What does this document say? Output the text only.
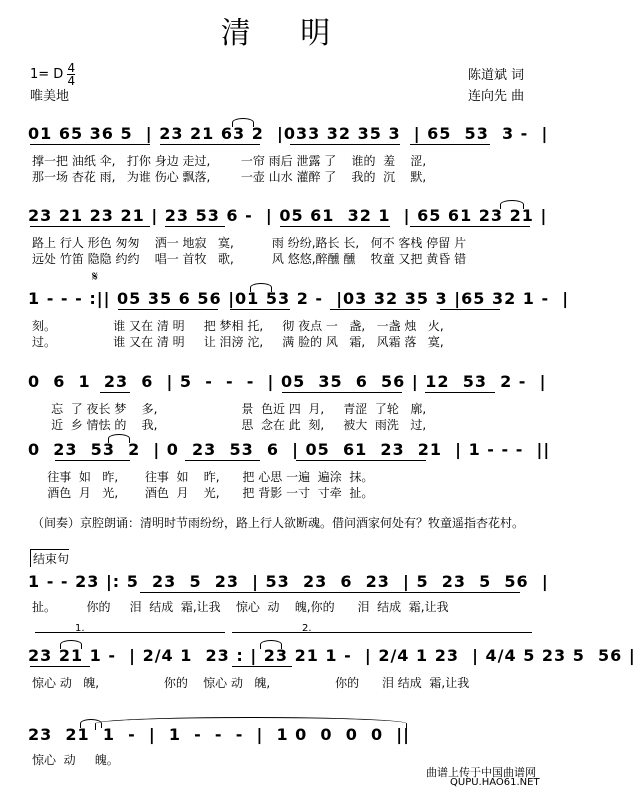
清 明
1= D $\frac{4}{4}$
唯美地
陈道斌 词
连向先 曲
01 65 36 5  | 23 21 63 2  |033 32 35 3  | 65  53  3 -  |
撑一把 油纸 伞,   打你 身边 走过,        一帘 雨后 泄露 了    谁的  羞    涩,
那一场 杏花 雨,   为谁 伤心 飘落,        一壶 山水 灌醉 了    我的  沉    默,
23 21 23 21 | 23 53 6 -  | 05 61  32 1  | 65 61 23 21 |
路上 行人 形色 匆匆    洒一 地寂   寞,          雨 纷纷,路长 长,   何不 客栈 停留 片
远处 竹笛 隐隐 约约    唱一 首牧   歌,          风 悠悠,醉醺 醺    牧童 又把 黄昏 错
𝄋
1 - - - :|| 05 35 6 56 |01 53 2 -  |03 32 35 3 |65 32 1 -  |
刻。               谁 又在 清 明     把 梦相 托,     彻 夜点 一   盏,   一盏 烛   火,
过。               谁 又在 清 明     让 泪滂 沱,     满 脸的 风   霜,   风霜 落   寞,
0  6  1  23  6  | 5  -  -  -  | 05  35  6  56 | 12  53  2 -  |
忘  了 夜长 梦    多,                      景  色近 四  月,     青涩  了轮   廓,
近  乡 情怯 的    我,                      思  念在 此  刻,     被大  雨洗   过,
0  23  53  2  | 0  23  53  6  | 05  61  23  21  | 1 - - -  ||
往事  如   昨,       往事  如    昨,      把 心思 一遍  遍涂  抹。
酒色  月   光,       酒色  月    光,      把 背影 一寸  寸牵  扯。
（间奏）京腔朗诵：清明时节雨纷纷，路上行人欲断魂。借问酒家何处有？牧童遥指杏花村。
结束句
1 - - 23 |: 5  23  5  23  | 53  23  6  23  | 5  23  5  56  |
扯。        你的     泪  结成  霜,让我    惊心  动    魄,你的      泪  结成  霜,让我
1.	2.
23 21 1 -  | 2/4 1  23 : | 23 21 1 -  | 2/4 1 23  | 4/4 5 23 5  56 |
惊心 动   魄,                 你的    惊心 动   魄,                 你的      泪 结成  霜,让我
23  21  1  -  |  1  -  -  -  |  1 0  0  0  0  ||
惊心  动     魄。
曲谱上传于中国曲谱网
QUPU.HAO61.NET
